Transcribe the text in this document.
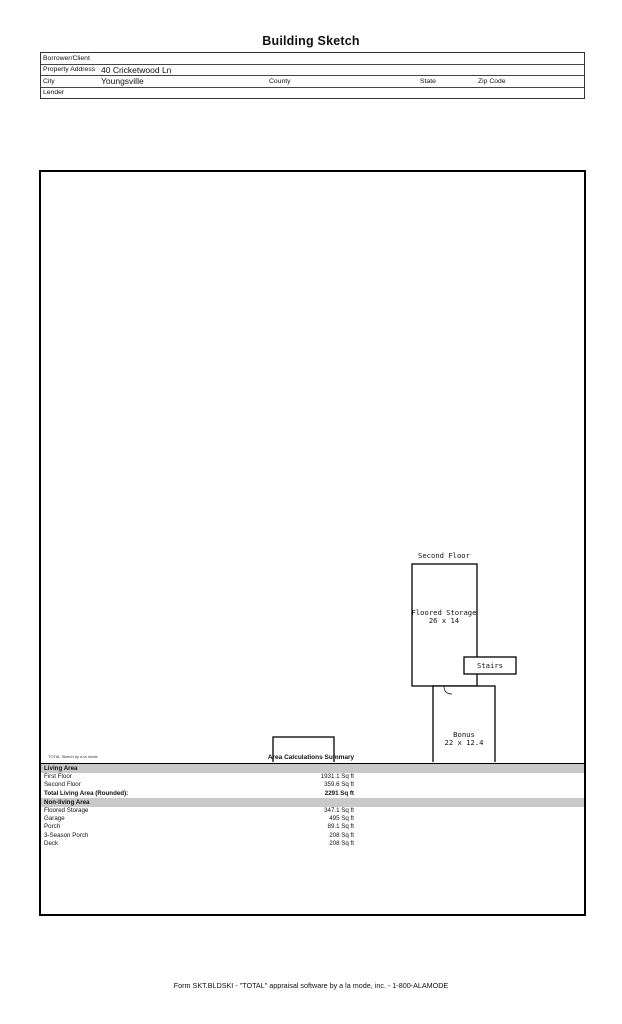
Building Sketch
Borrower/Client
Property Address 40 Cricketwood Ln
City	Youngsville	County	State	Zip Code
Lender
Second Floor
Floored Storage
26 x 14
Stairs
Bonus
22 x 12.4
TOTAL Sketch by a la mode	Area Calculations Summary
Living Area
First Floor	1931.1 Sq ft
Second Floor	359.6 Sq ft
Total Living Area (Rounded):	2291 Sq ft
Non-living Area
Floored Storage	347.1 Sq ft
Garage	495 Sq ft
Porch	89.1 Sq ft
3-Season Porch	208 Sq ft
Deck	208 Sq ft
Form SKT.BLDSKI - "TOTAL" appraisal software by a la mode, inc. - 1-800-ALAMODE
